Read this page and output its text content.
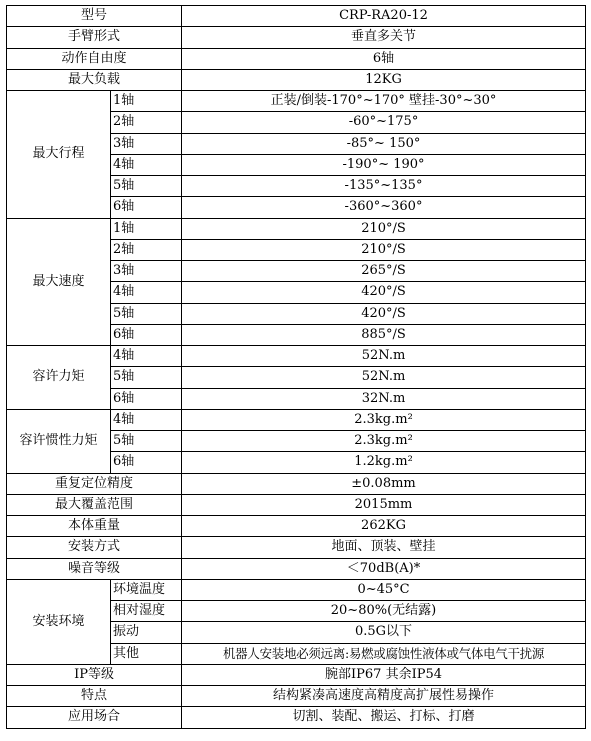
型号		CRP-RA20-12
手臂形式		垂直多关节
动作自由度		6轴
最大负载		12KG
最大行程	1轴	正装/倒装-170°~170° 壁挂-30°~30°
	2轴	-60°~175°
	3轴	-85°~ 150°
	4轴	-190°~ 190°
	5轴	-135°~135°
	6轴	-360°~360°
最大速度	1轴	210°/S
	2轴	210°/S
	3轴	265°/S
	4轴	420°/S
	5轴	420°/S
	6轴	885°/S
容许力矩	4轴	52N.m
	5轴	52N.m
	6轴	32N.m
容许惯性力矩	4轴	2.3kg.m²
	5轴	2.3kg.m²
	6轴	1.2kg.m²
重复定位精度		±0.08mm
最大覆盖范围		2015mm
本体重量		262KG
安装方式		地面、顶装、壁挂
噪音等级		＜70dB(A)*
安装环境	环境温度	0~45°C
	相对湿度	20~80%(无结露)
	振动	0.5G以下
	其他	机器人安装地必须远离:易燃或腐蚀性液体或气体电气干扰源
IP等级		腕部IP67 其余IP54
特点		结构紧凑高速度高精度高扩展性易操作
应用场合		切割、装配、搬运、打标、打磨
